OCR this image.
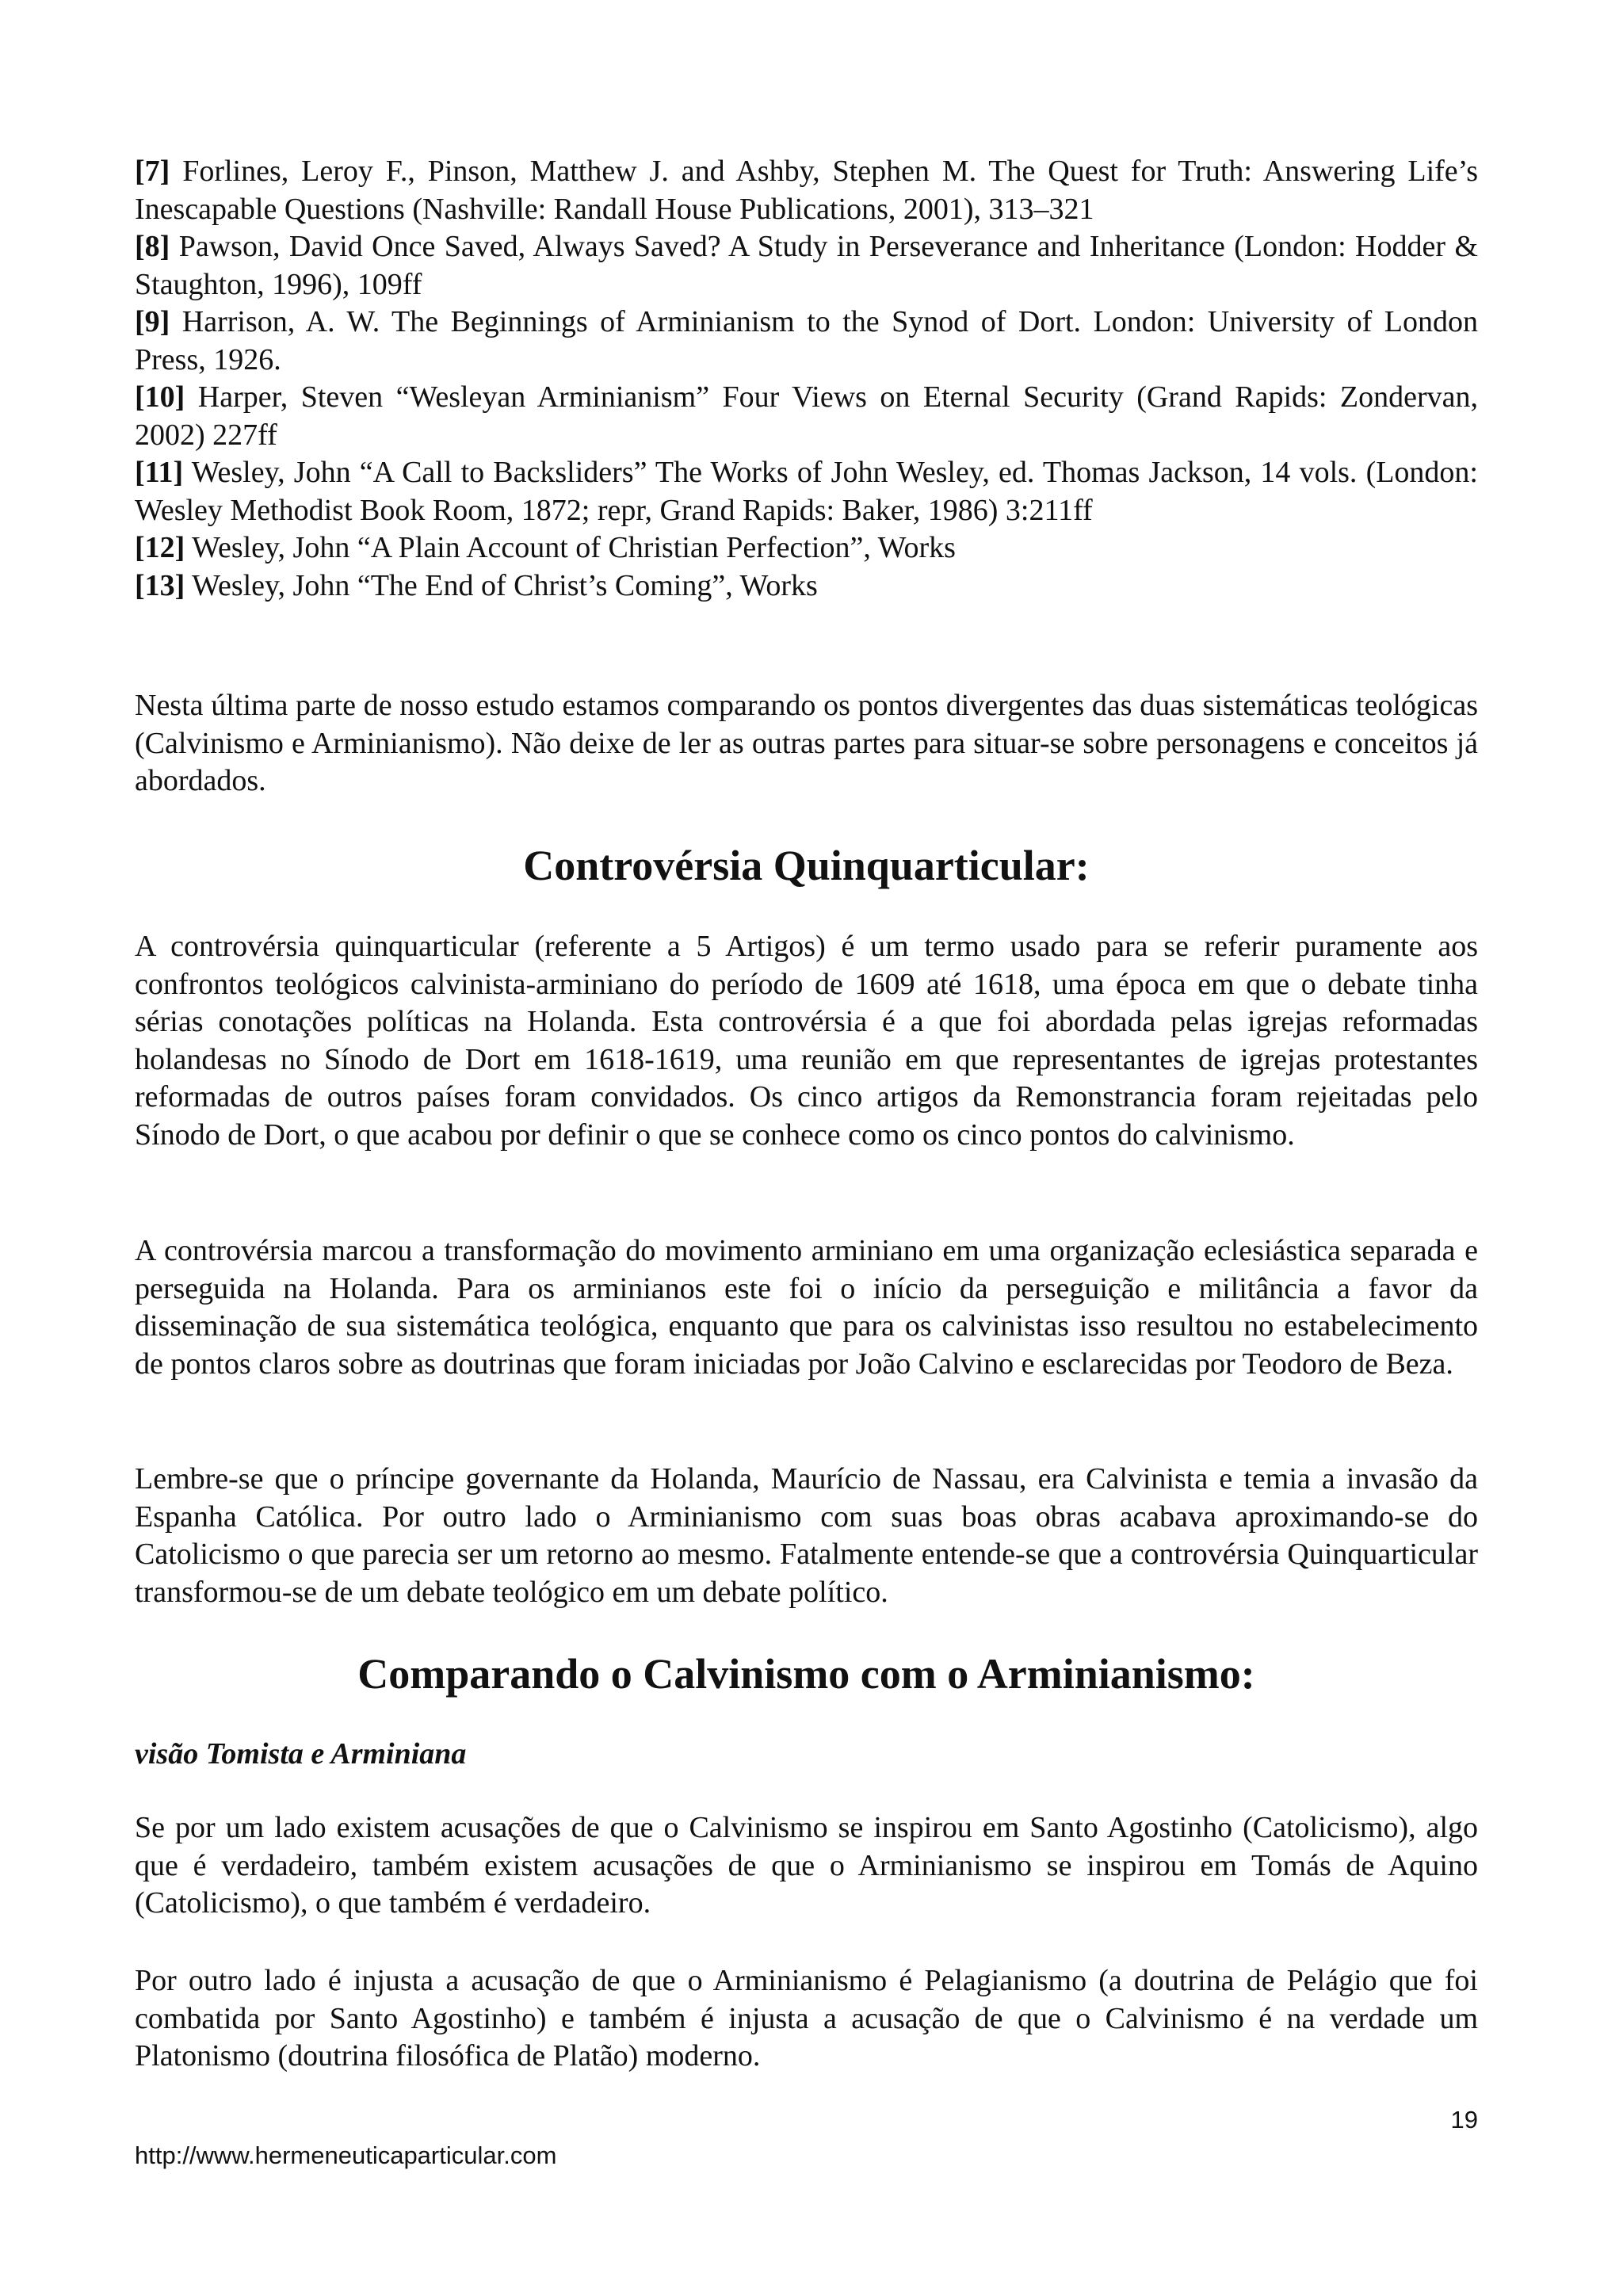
[7] Forlines, Leroy F., Pinson, Matthew J. and Ashby, Stephen M. The Quest for Truth: Answering Life’s Inescapable Questions (Nashville: Randall House Publications, 2001), 313–321

[8] Pawson, David Once Saved, Always Saved? A Study in Perseverance and Inheritance (London: Hodder & Staughton, 1996), 109ff

[9] Harrison, A. W. The Beginnings of Arminianism to the Synod of Dort. London: University of London Press, 1926.

[10] Harper, Steven “Wesleyan Arminianism” Four Views on Eternal Security (Grand Rapids: Zondervan, 2002) 227ff

[11] Wesley, John “A Call to Backsliders” The Works of John Wesley, ed. Thomas Jackson, 14 vols. (London: Wesley Methodist Book Room, 1872; repr, Grand Rapids: Baker, 1986) 3:211ff

[12] Wesley, John “A Plain Account of Christian Perfection”, Works

[13] Wesley, John “The End of Christ’s Coming”, Works

Nesta última parte de nosso estudo estamos comparando os pontos divergentes das duas sistemáticas teológicas (Calvinismo e Arminianismo). Não deixe de ler as outras partes para situar-se sobre personagens e conceitos já abordados.

Controvérsia Quinquarticular:

A controvérsia quinquarticular (referente a 5 Artigos) é um termo usado para se referir puramente aos confrontos teológicos calvinista-arminiano do período de 1609 até 1618, uma época em que o debate tinha sérias conotações políticas na Holanda. Esta controvérsia é a que foi abordada pelas igrejas reformadas holandesas no Sínodo de Dort em 1618-1619, uma reunião em que representantes de igrejas protestantes reformadas de outros países foram convidados. Os cinco artigos da Remonstrancia foram rejeitadas pelo Sínodo de Dort, o que acabou por definir o que se conhece como os cinco pontos do calvinismo.

A controvérsia marcou a transformação do movimento arminiano em uma organização eclesiástica separada e perseguida na Holanda. Para os arminianos este foi o início da perseguição e militância a favor da disseminação de sua sistemática teológica, enquanto que para os calvinistas isso resultou no estabelecimento de pontos claros sobre as doutrinas que foram iniciadas por João Calvino e esclarecidas por Teodoro de Beza.

Lembre-se que o príncipe governante da Holanda, Maurício de Nassau, era Calvinista e temia a invasão da Espanha Católica. Por outro lado o Arminianismo com suas boas obras acabava aproximando-se do Catolicismo o que parecia ser um retorno ao mesmo. Fatalmente entende-se que a controvérsia Quinquarticular transformou-se de um debate teológico em um debate político.

Comparando o Calvinismo com o Arminianismo:

visão Tomista e Arminiana

Se por um lado existem acusações de que o Calvinismo se inspirou em Santo Agostinho (Catolicismo), algo que é verdadeiro, também existem acusações de que o Arminianismo se inspirou em Tomás de Aquino (Catolicismo), o que também é verdadeiro.

Por outro lado é injusta a acusação de que o Arminianismo é Pelagianismo (a doutrina de Pelágio que foi combatida por Santo Agostinho) e também é injusta a acusação de que o Calvinismo é na verdade um Platonismo (doutrina filosófica de Platão) moderno.

19
http://www.hermeneuticaparticular.com
